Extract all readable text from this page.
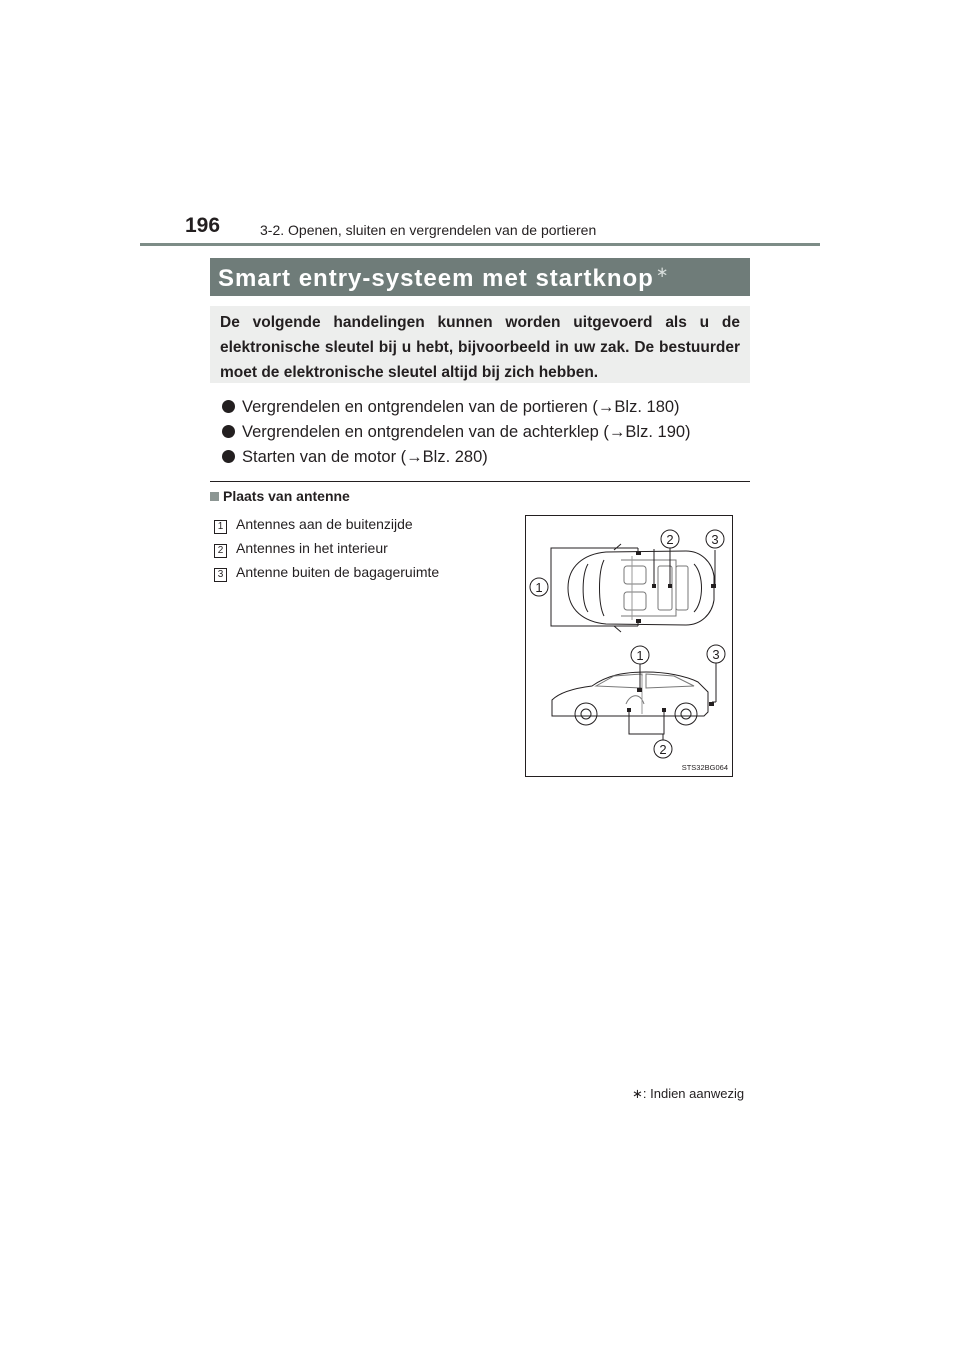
196	3-2. Openen, sluiten en vergrendelen van de portieren
Smart entry-systeem met startknop ∗

De volgende handelingen kunnen worden uitgevoerd als u de elektronische sleutel bij u hebt, bijvoorbeeld in uw zak. De bestuurder moet de elektronische sleutel altijd bij zich hebben.

Vergrendelen en ontgrendelen van de portieren (→Blz. 180)
Vergrendelen en ontgrendelen van de achterklep (→Blz. 190)
Starten van de motor (→Blz. 280)
Plaats van antenne
1 Antennes aan de buitenzijde
2 Antennes in het interieur
3 Antenne buiten de bagageruimte
2	3
1
1	3
2
STS32BG064
∗: Indien aanwezig
